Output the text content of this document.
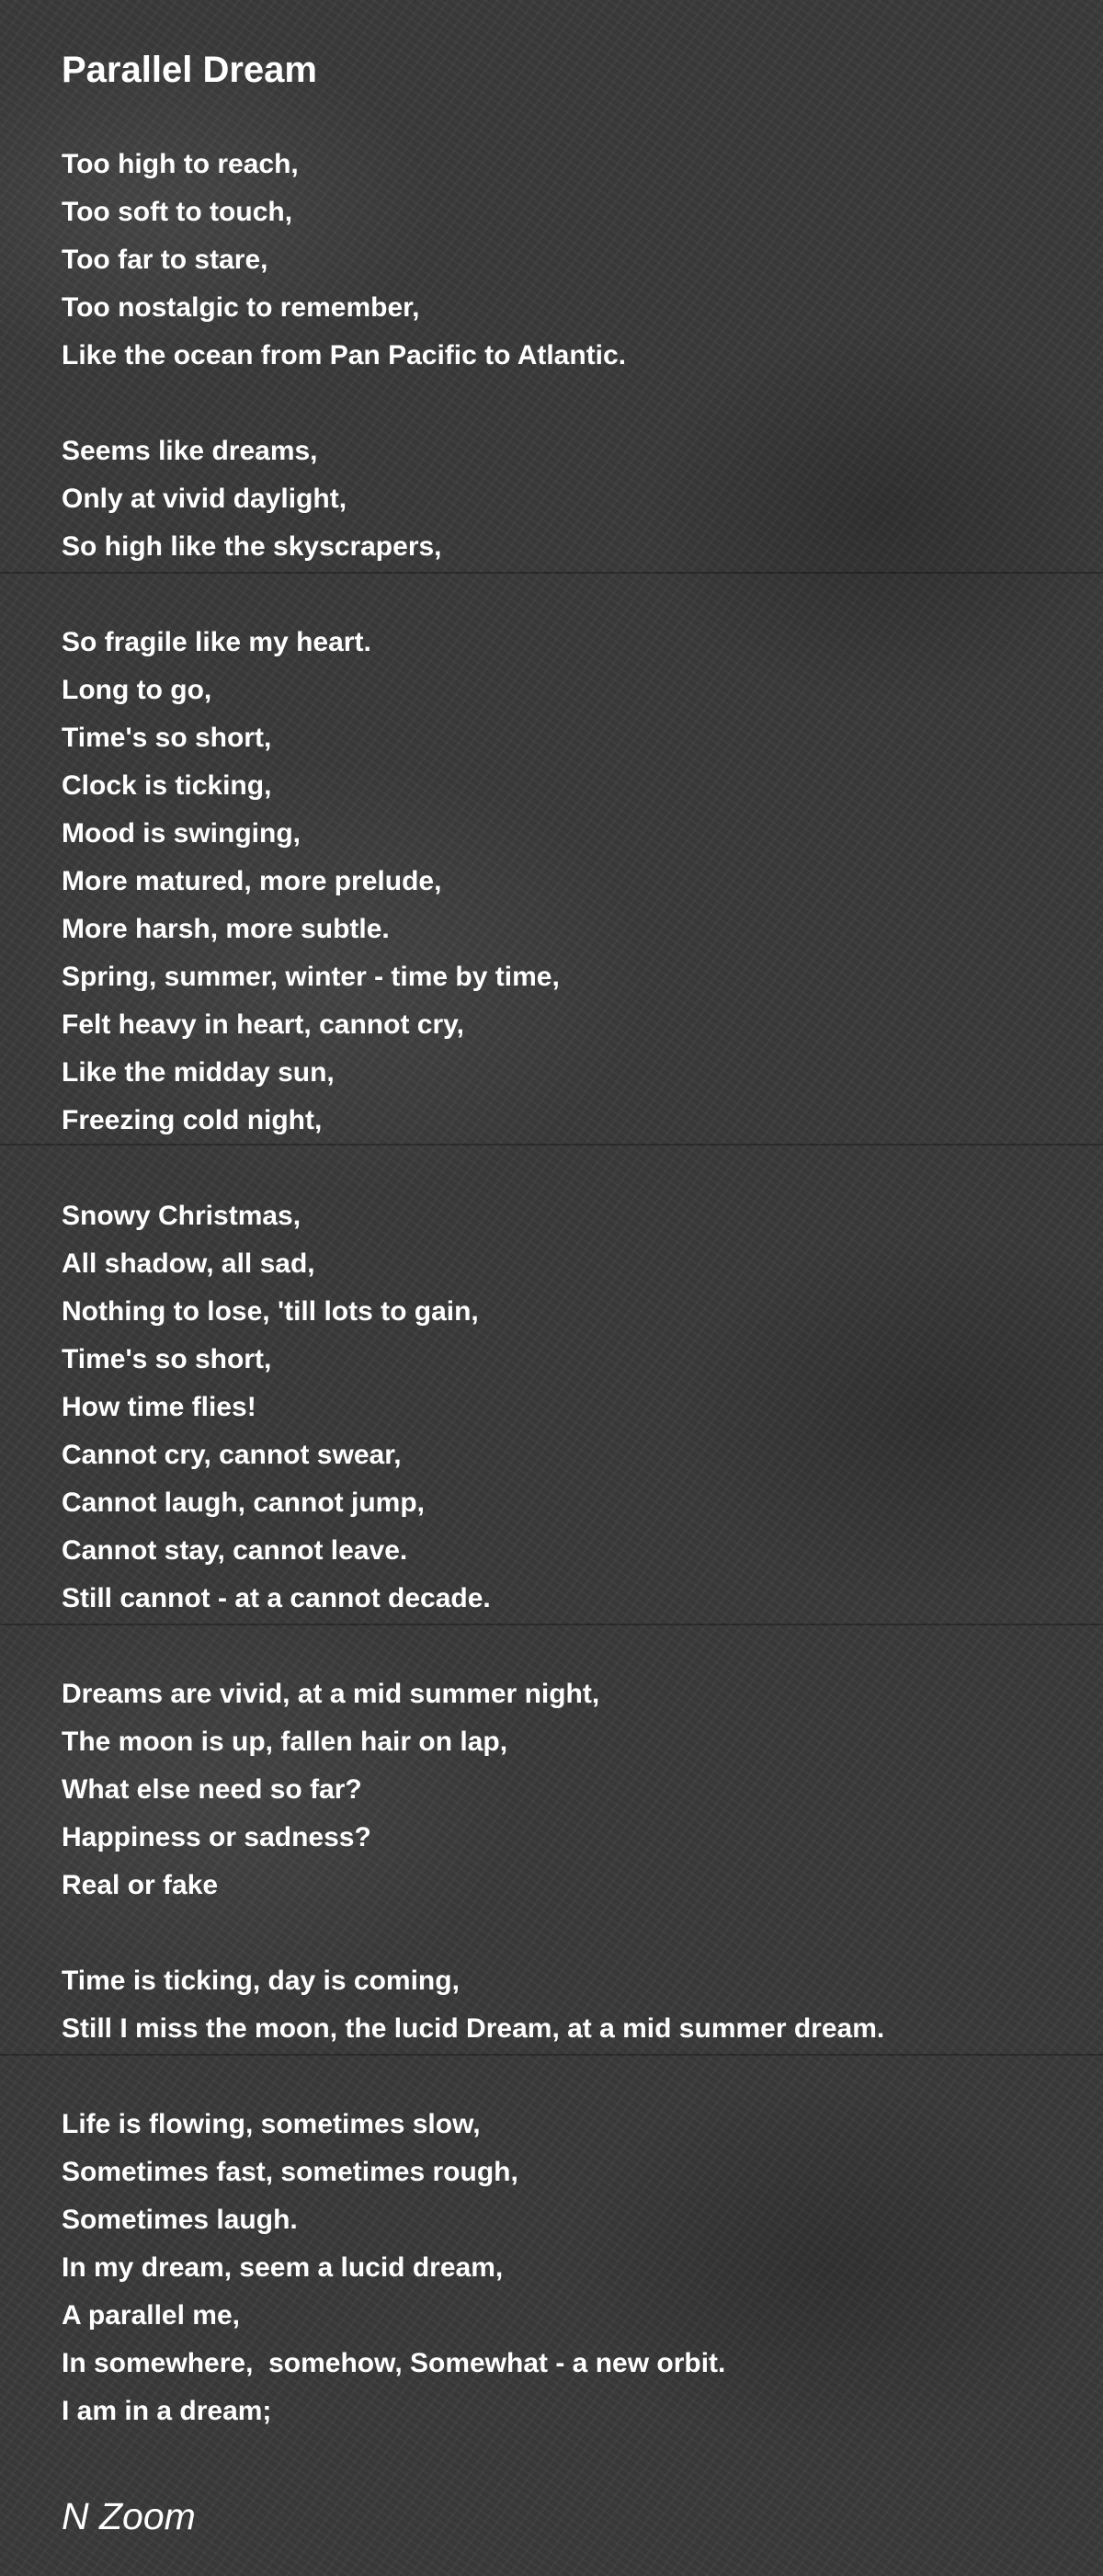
Parallel Dream
Too high to reach,
Too soft to touch,
Too far to stare,
Too nostalgic to remember,
Like the ocean from Pan Pacific to Atlantic.
Seems like dreams,
Only at vivid daylight,
So high like the skyscrapers,
So fragile like my heart.
Long to go,
Time's so short,
Clock is ticking,
Mood is swinging,
More matured, more prelude,
More harsh, more subtle.
Spring, summer, winter - time by time,
Felt heavy in heart, cannot cry,
Like the midday sun,
Freezing cold night,
Snowy Christmas,
All shadow, all sad,
Nothing to lose, 'till lots to gain,
Time's so short,
How time flies!
Cannot cry, cannot swear,
Cannot laugh, cannot jump,
Cannot stay, cannot leave.
Still cannot - at a cannot decade.
Dreams are vivid, at a mid summer night,
The moon is up, fallen hair on lap,
What else need so far?
Happiness or sadness?
Real or fake
Time is ticking, day is coming,
Still I miss the moon, the lucid Dream, at a mid summer dream.
Life is flowing, sometimes slow,
Sometimes fast, sometimes rough,
Sometimes laugh.
In my dream, seem a lucid dream,
A parallel me,
In somewhere,  somehow, Somewhat - a new orbit.
I am in a dream;
N Zoom
